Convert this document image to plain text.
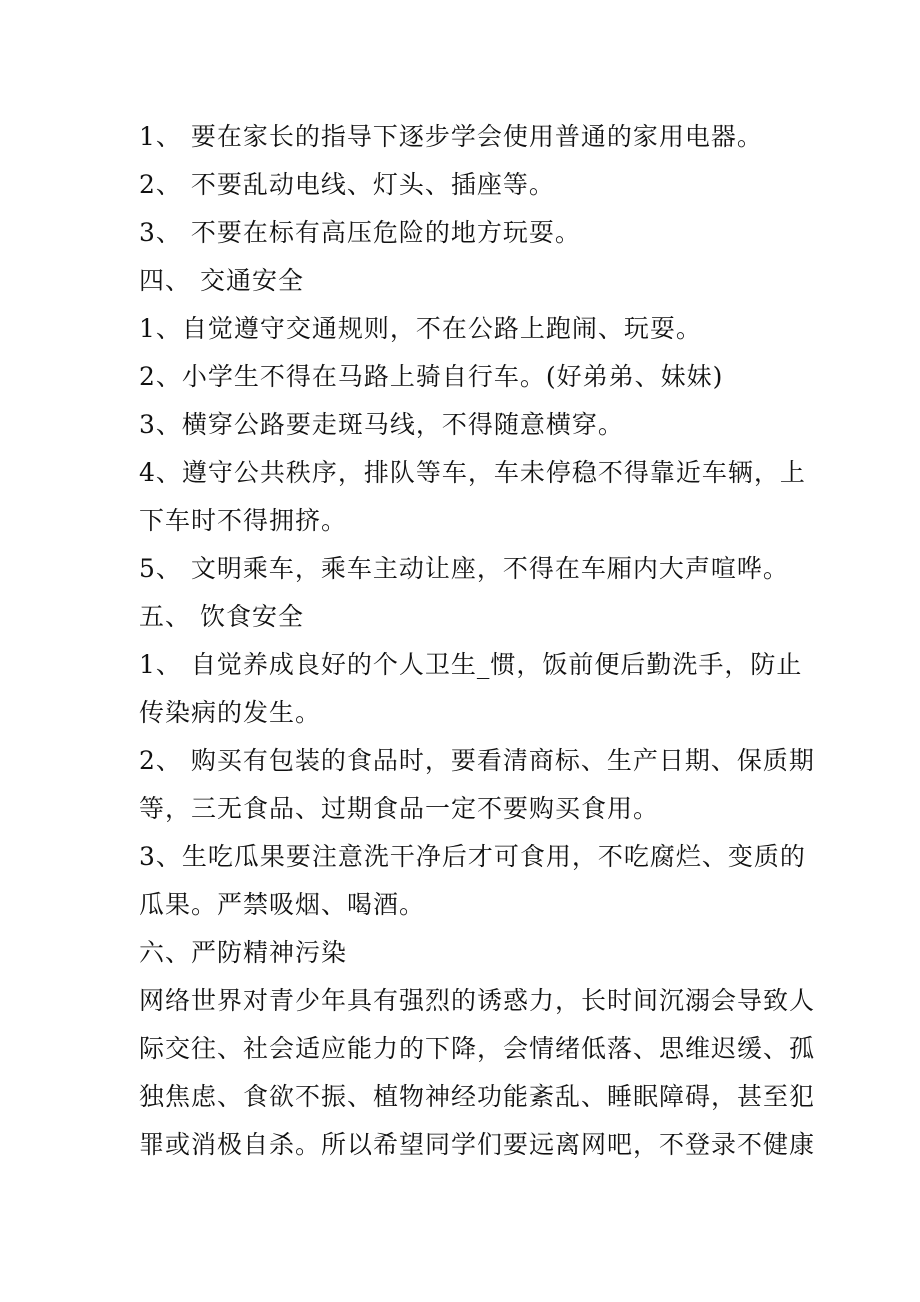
1、 要在家长的指导下逐步学会使用普通的家用电器。
2、 不要乱动电线、灯头、插座等。
3、 不要在标有高压危险的地方玩耍。
四、 交通安全
1、自觉遵守交通规则，不在公路上跑闹、玩耍。
2、小学生不得在马路上骑自行车。(好弟弟、妹妹)
3、横穿公路要走斑马线，不得随意横穿。
4、遵守公共秩序，排队等车，车未停稳不得靠近车辆，上
下车时不得拥挤。
5、 文明乘车，乘车主动让座，不得在车厢内大声喧哗。
五、 饮食安全
1、 自觉养成良好的个人卫生_惯，饭前便后勤洗手，防止
传染病的发生。
2、 购买有包装的食品时，要看清商标、生产日期、保质期
等，三无食品、过期食品一定不要购买食用。
3、生吃瓜果要注意洗干净后才可食用，不吃腐烂、变质的
瓜果。严禁吸烟、喝酒。
六、严防精神污染
网络世界对青少年具有强烈的诱惑力，长时间沉溺会导致人
际交往、社会适应能力的下降，会情绪低落、思维迟缓、孤
独焦虑、食欲不振、植物神经功能紊乱、睡眠障碍，甚至犯
罪或消极自杀。所以希望同学们要远离网吧，不登录不健康
